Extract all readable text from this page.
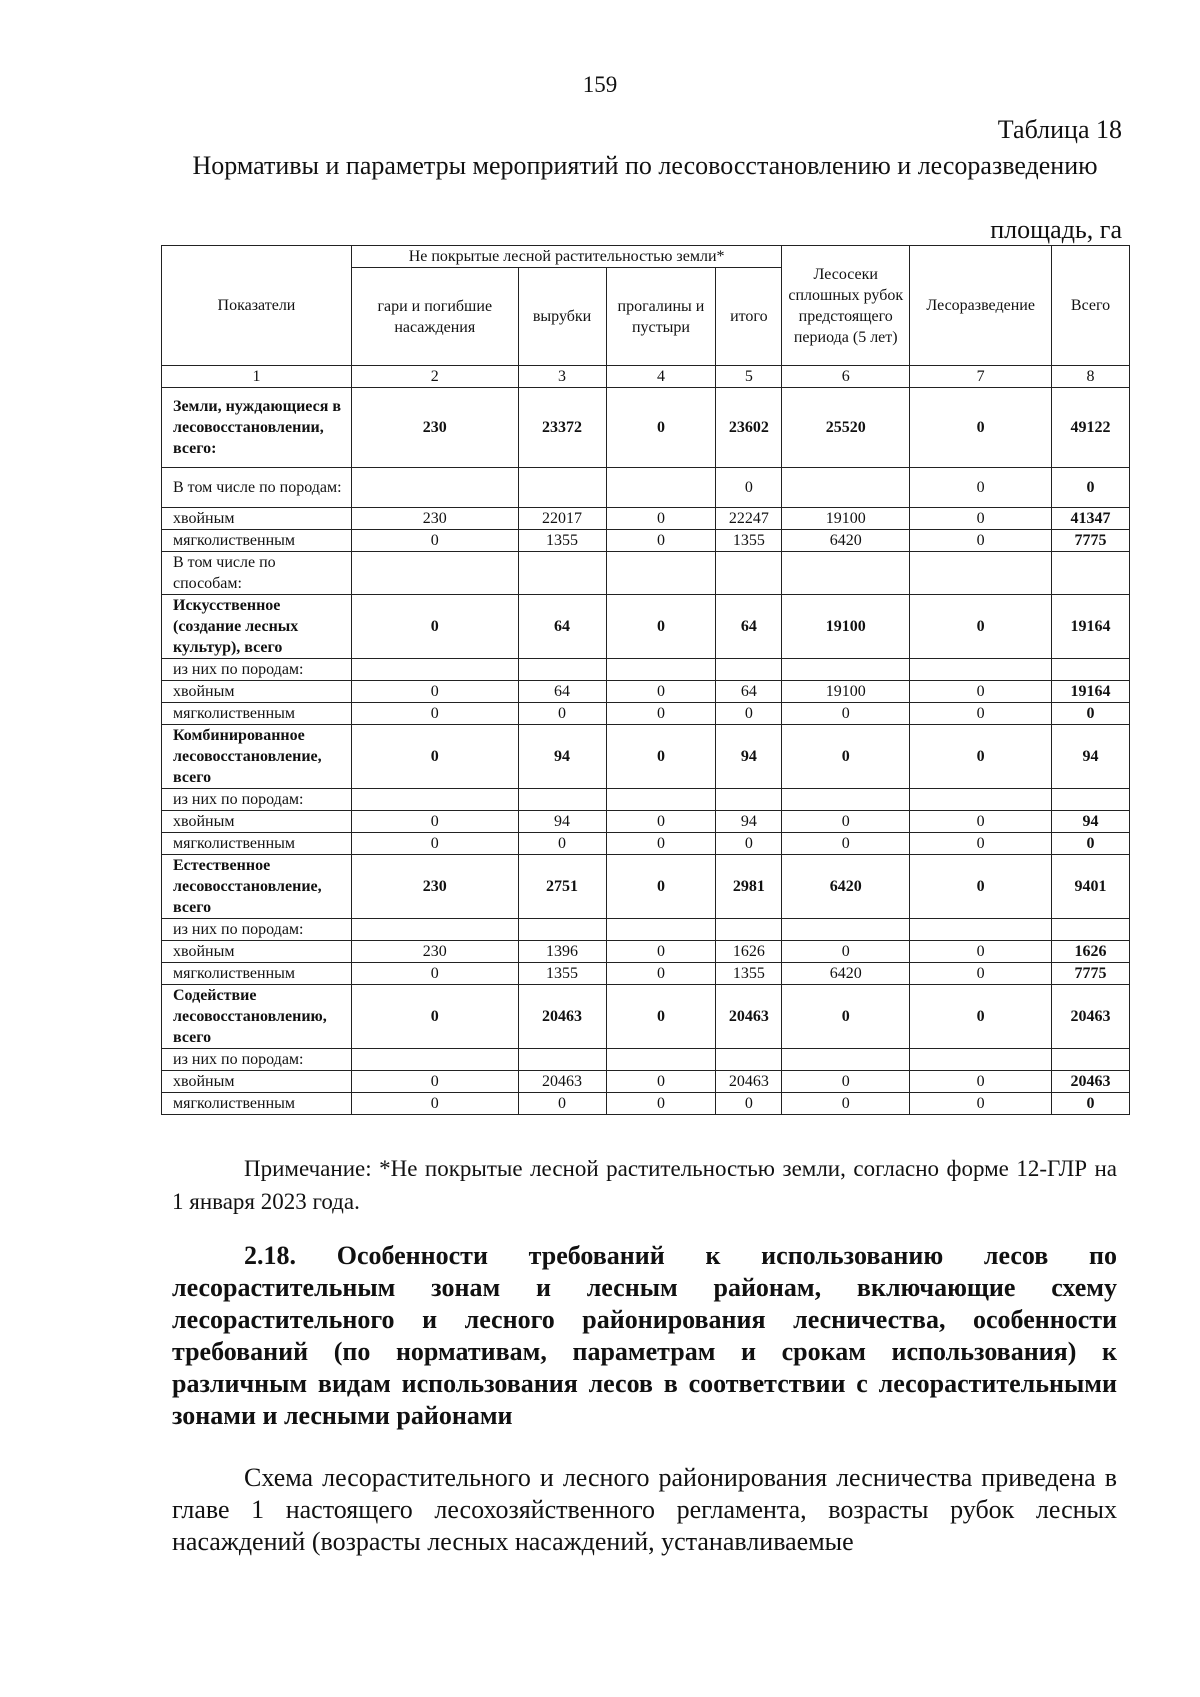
159
Таблица 18
Нормативы и параметры мероприятий по лесовосстановлению и лесоразведению
площадь, га
Показатели	Не покрытые лесной растительностью земли*				Лесосеки сплошных рубок предстоящего периода (5 лет)	Лесоразведение	Всего
	гари и погибшие насаждения	вырубки	прогалины и пустыри	итого			
1	2	3	4	5	6	7	8
Земли, нуждающиеся в лесовосстановлении, всего:	230	23372	0	23602	25520	0	49122
В том числе по породам:				0		0	0
хвойным	230	22017	0	22247	19100	0	41347
мягколиственным	0	1355	0	1355	6420	0	7775
В том числе по способам:							
Искусственное (создание лесных культур), всего	0	64	0	64	19100	0	19164
из них по породам:							
хвойным	0	64	0	64	19100	0	19164
мягколиственным	0	0	0	0	0	0	0
Комбинированное лесовосстановление, всего	0	94	0	94	0	0	94
из них по породам:							
хвойным	0	94	0	94	0	0	94
мягколиственным	0	0	0	0	0	0	0
Естественное лесовосстановление, всего	230	2751	0	2981	6420	0	9401
из них по породам:							
хвойным	230	1396	0	1626	0	0	1626
мягколиственным	0	1355	0	1355	6420	0	7775
Содействие лесовосстановлению, всего	0	20463	0	20463	0	0	20463
из них по породам:							
хвойным	0	20463	0	20463	0	0	20463
мягколиственным	0	0	0	0	0	0	0
Примечание: *Не покрытые лесной растительностью земли, согласно форме 12-ГЛР на 1 января 2023 года.
2.18. Особенности требований к использованию лесов по лесорастительным зонам и лесным районам, включающие схему лесорастительного и лесного районирования лесничества, особенности требований (по нормативам, параметрам и срокам использования) к различным видам использования лесов в соответствии с лесорастительными зонами и лесными районами
Схема лесорастительного и лесного районирования лесничества приведена в главе 1 настоящего лесохозяйственного регламента, возрасты рубок лесных насаждений (возрасты лесных насаждений, устанавливаемые
